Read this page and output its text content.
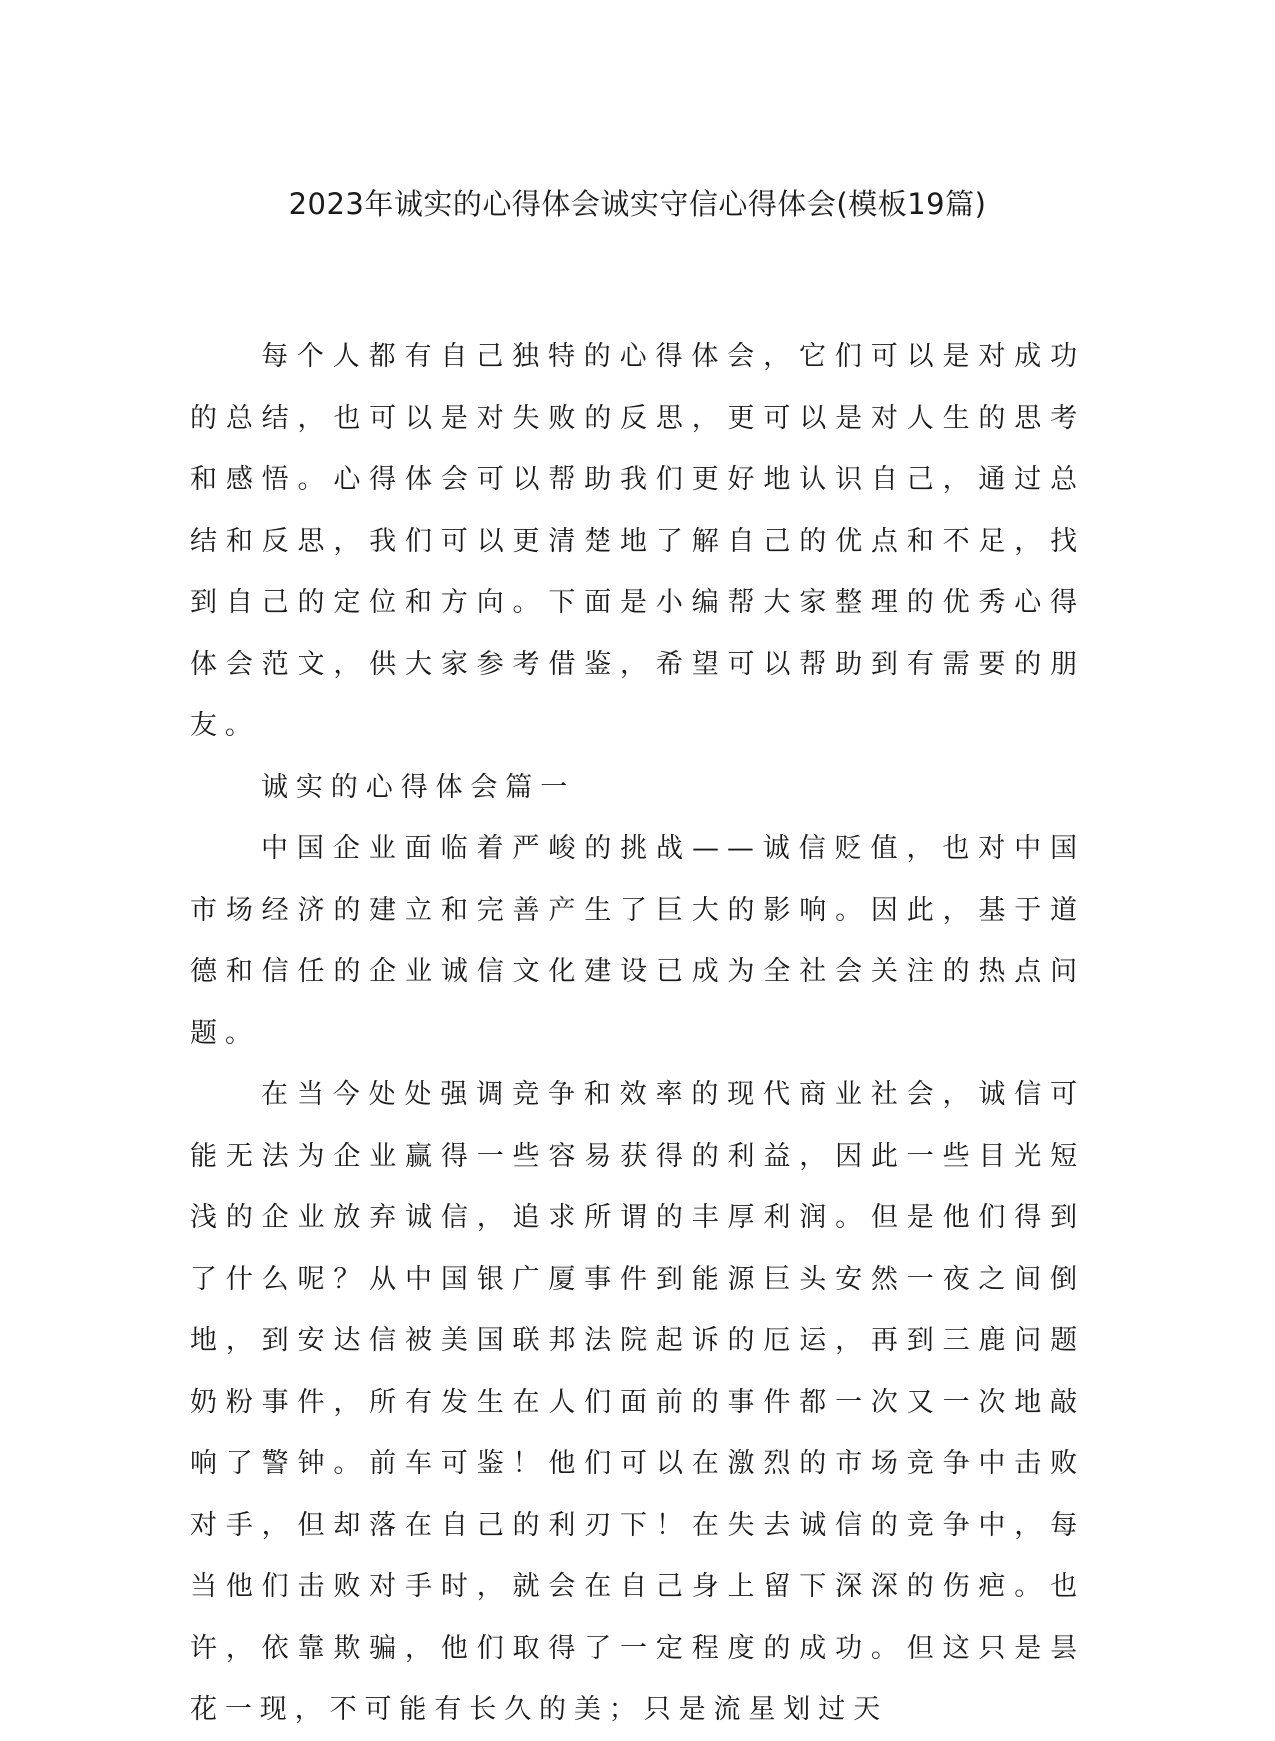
2023年诚实的心得体会诚实守信心得体会(模板19篇)

每个人都有自己独特的心得体会，它们可以是对成功的总结，也可以是对失败的反思，更可以是对人生的思考和感悟。心得体会可以帮助我们更好地认识自己，通过总结和反思，我们可以更清楚地了解自己的优点和不足，找到自己的定位和方向。下面是小编帮大家整理的优秀心得体会范文，供大家参考借鉴，希望可以帮助到有需要的朋友。

诚实的心得体会篇一

中国企业面临着严峻的挑战——诚信贬值，也对中国市场经济的建立和完善产生了巨大的影响。因此，基于道德和信任的企业诚信文化建设已成为全社会关注的热点问题。

在当今处处强调竞争和效率的现代商业社会，诚信可能无法为企业赢得一些容易获得的利益，因此一些目光短浅的企业放弃诚信，追求所谓的丰厚利润。但是他们得到了什么呢？从中国银广厦事件到能源巨头安然一夜之间倒地，到安达信被美国联邦法院起诉的厄运，再到三鹿问题奶粉事件，所有发生在人们面前的事件都一次又一次地敲响了警钟。前车可鉴！他们可以在激烈的市场竞争中击败对手，但却落在自己的利刃下！在失去诚信的竞争中，每当他们击败对手时，就会在自己身上留下深深的伤疤。也许，依靠欺骗，他们取得了一定程度的成功。但这只是昙花一现，不可能有长久的美；只是流星划过天
